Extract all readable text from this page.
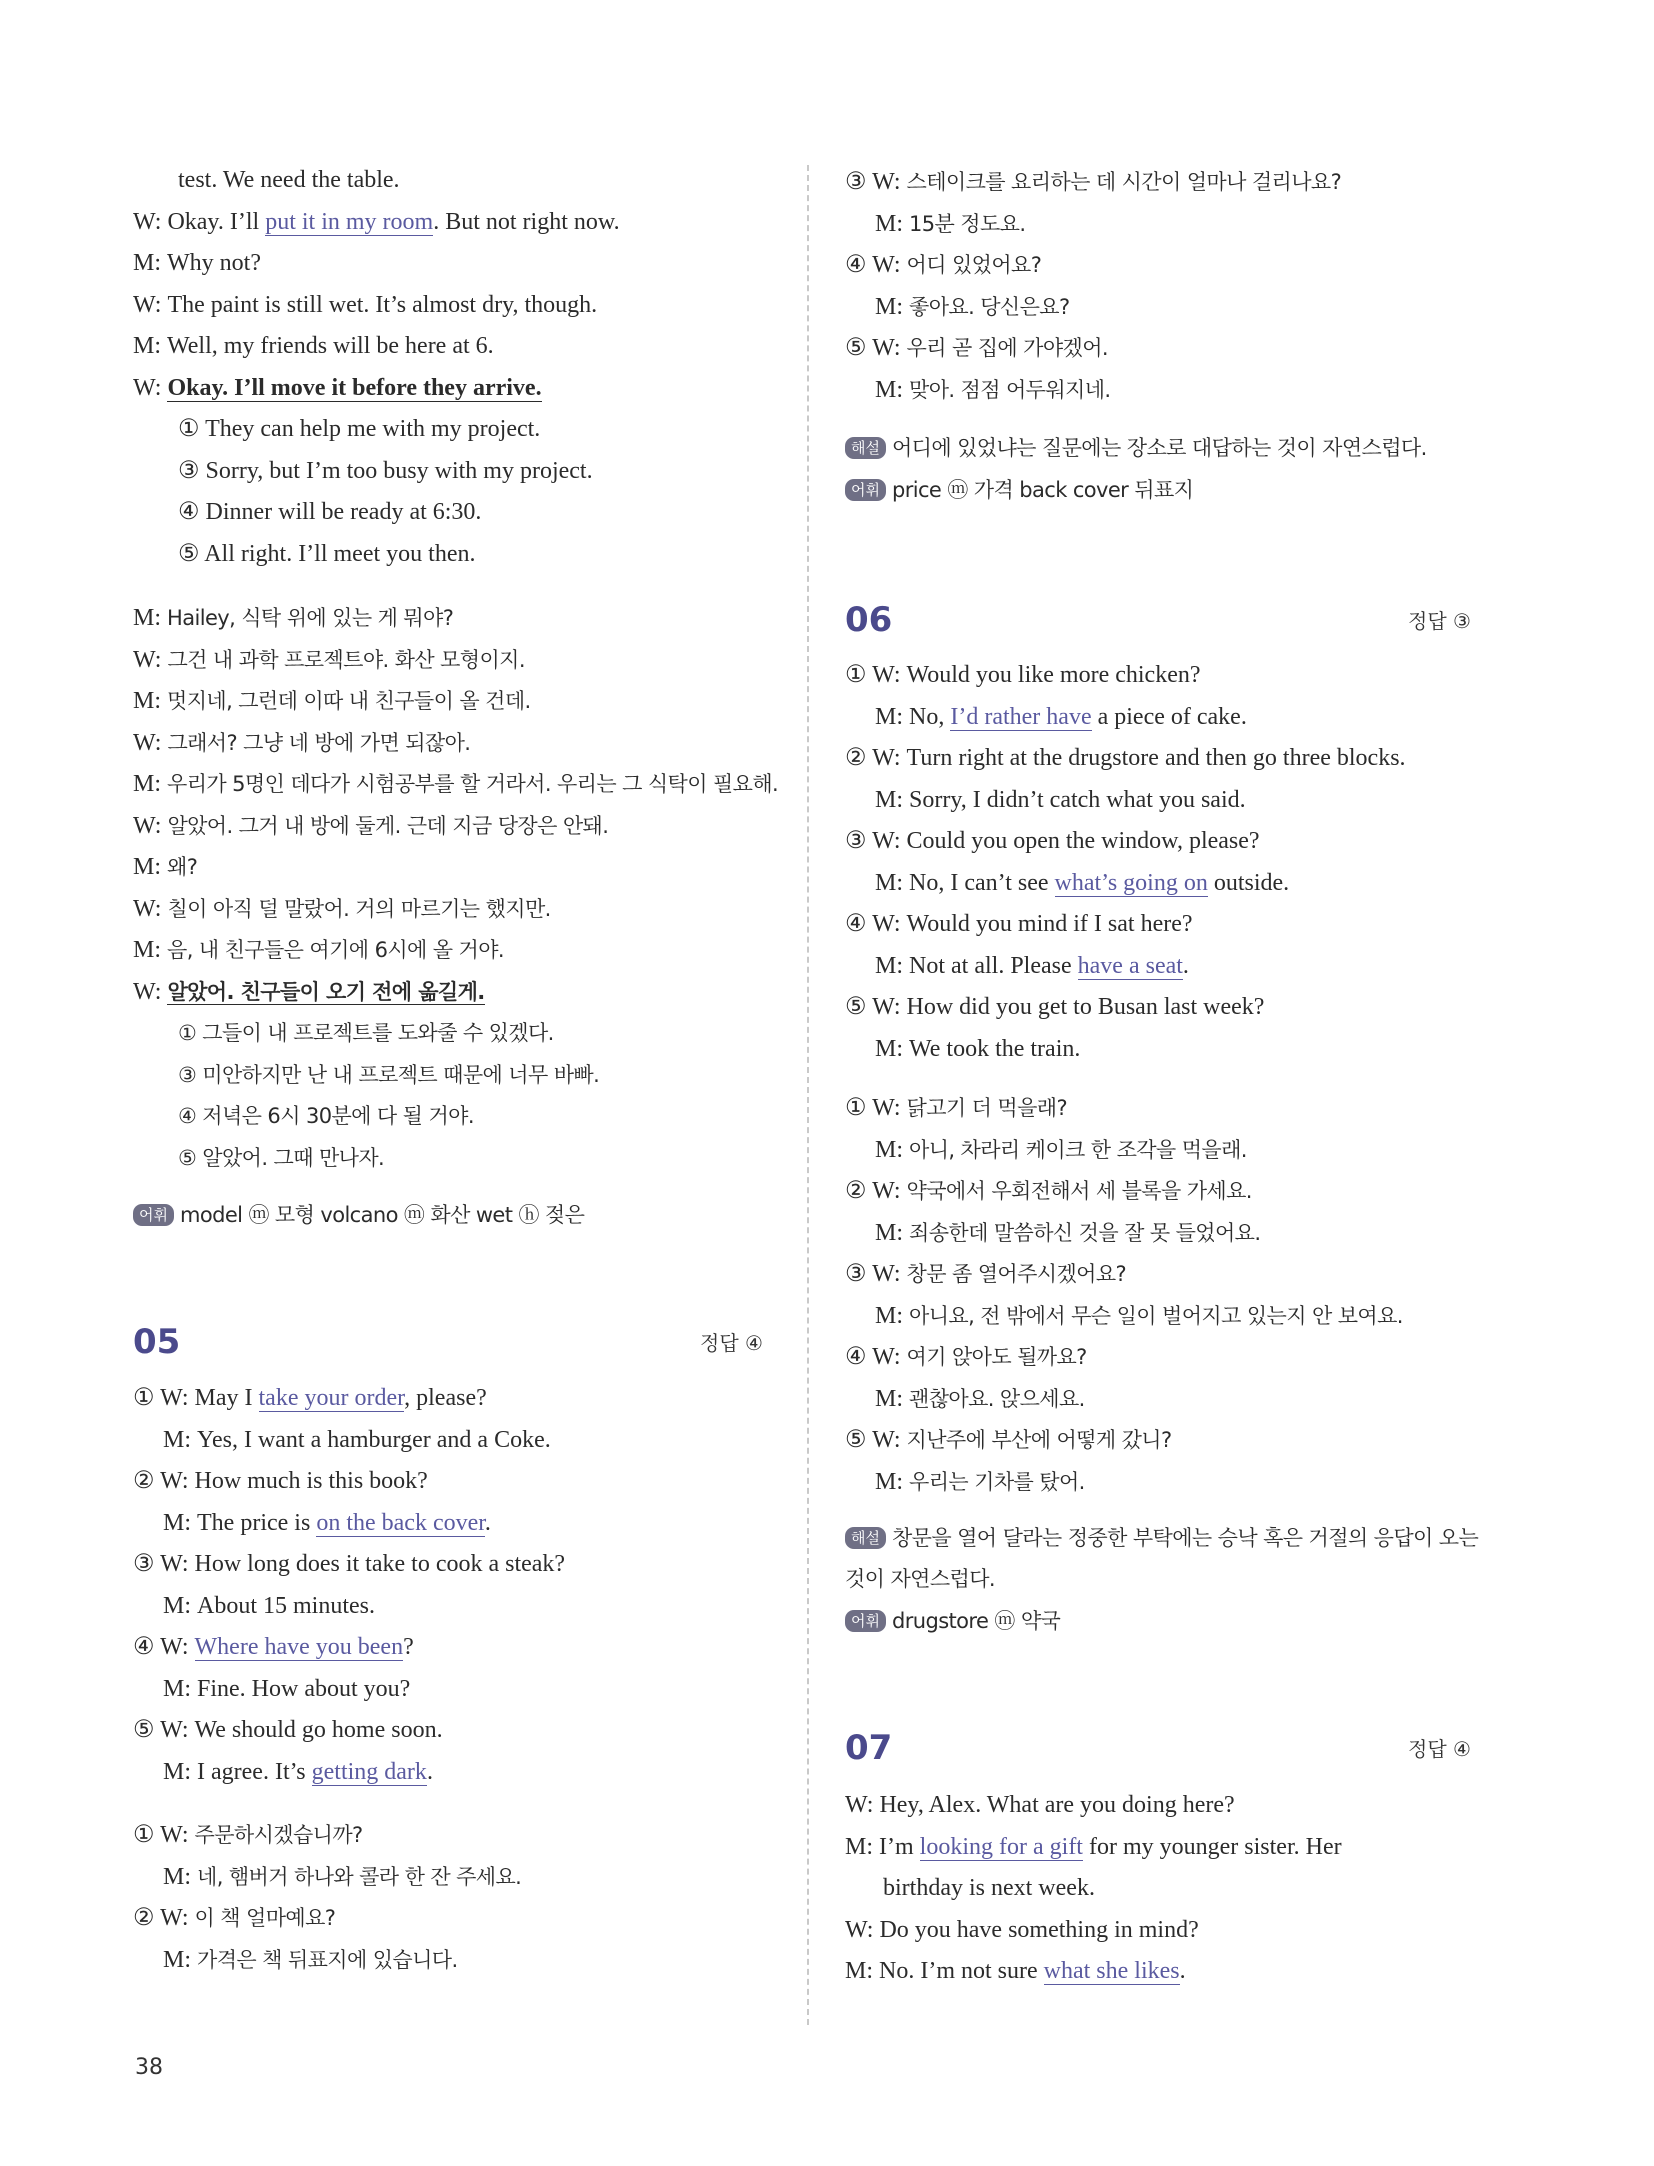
test. We need the table.
W: Okay. I’ll put it in my room. But not right now.
M: Why not?
W: The paint is still wet. It’s almost dry, though.
M: Well, my friends will be here at 6.
W: Okay. I’ll move it before they arrive.
① They can help me with my project.
③ Sorry, but I’m too busy with my project.
④ Dinner will be ready at 6:30.
⑤ All right. I’ll meet you then.
M: Hailey, 식탁 위에 있는 게 뭐야?
W: 그건 내 과학 프로젝트야. 화산 모형이지.
M: 멋지네, 그런데 이따 내 친구들이 올 건데.
W: 그래서? 그냥 네 방에 가면 되잖아.
M: 우리가 5명인 데다가 시험공부를 할 거라서. 우리는 그 식탁이 필요해.
W: 알았어. 그거 내 방에 둘게. 근데 지금 당장은 안돼.
M: 왜?
W: 칠이 아직 덜 말랐어. 거의 마르기는 했지만.
M: 음, 내 친구들은 여기에 6시에 올 거야.
W: 알았어. 친구들이 오기 전에 옮길게.
① 그들이 내 프로젝트를 도와줄 수 있겠다.
③ 미안하지만 난 내 프로젝트 때문에 너무 바빠.
④ 저녁은 6시 30분에 다 될 거야.
⑤ 알았어. 그때 만나자.
어휘 model ⓜ 모형 volcano ⓜ 화산 wet ⓗ 젖은
05	정답 ④
① W: May I take your order, please?
M: Yes, I want a hamburger and a Coke.
② W: How much is this book?
M: The price is on the back cover.
③ W: How long does it take to cook a steak?
M: About 15 minutes.
④ W: Where have you been?
M: Fine. How about you?
⑤ W: We should go home soon.
M: I agree. It’s getting dark.
① W: 주문하시겠습니까?
M: 네, 햄버거 하나와 콜라 한 잔 주세요.
② W: 이 책 얼마예요?
M: 가격은 책 뒤표지에 있습니다.
③ W: 스테이크를 요리하는 데 시간이 얼마나 걸리나요?
M: 15분 정도요.
④ W: 어디 있었어요?
M: 좋아요. 당신은요?
⑤ W: 우리 곧 집에 가야겠어.
M: 맞아. 점점 어두워지네.
해설 어디에 있었냐는 질문에는 장소로 대답하는 것이 자연스럽다.
어휘 price ⓜ 가격 back cover 뒤표지
06	정답 ③
① W: Would you like more chicken?
M: No, I’d rather have a piece of cake.
② W: Turn right at the drugstore and then go three blocks.
M: Sorry, I didn’t catch what you said.
③ W: Could you open the window, please?
M: No, I can’t see what’s going on outside.
④ W: Would you mind if I sat here?
M: Not at all. Please have a seat.
⑤ W: How did you get to Busan last week?
M: We took the train.
① W: 닭고기 더 먹을래?
M: 아니, 차라리 케이크 한 조각을 먹을래.
② W: 약국에서 우회전해서 세 블록을 가세요.
M: 죄송한데 말씀하신 것을 잘 못 들었어요.
③ W: 창문 좀 열어주시겠어요?
M: 아니요, 전 밖에서 무슨 일이 벌어지고 있는지 안 보여요.
④ W: 여기 앉아도 될까요?
M: 괜찮아요. 앉으세요.
⑤ W: 지난주에 부산에 어떻게 갔니?
M: 우리는 기차를 탔어.
해설 창문을 열어 달라는 정중한 부탁에는 승낙 혹은 거절의 응답이 오는
것이 자연스럽다.
어휘 drugstore ⓜ 약국
07	정답 ④
W: Hey, Alex. What are you doing here?
M: I’m looking for a gift for my younger sister. Her
birthday is next week.
W: Do you have something in mind?
M: No. I’m not sure what she likes.
38
